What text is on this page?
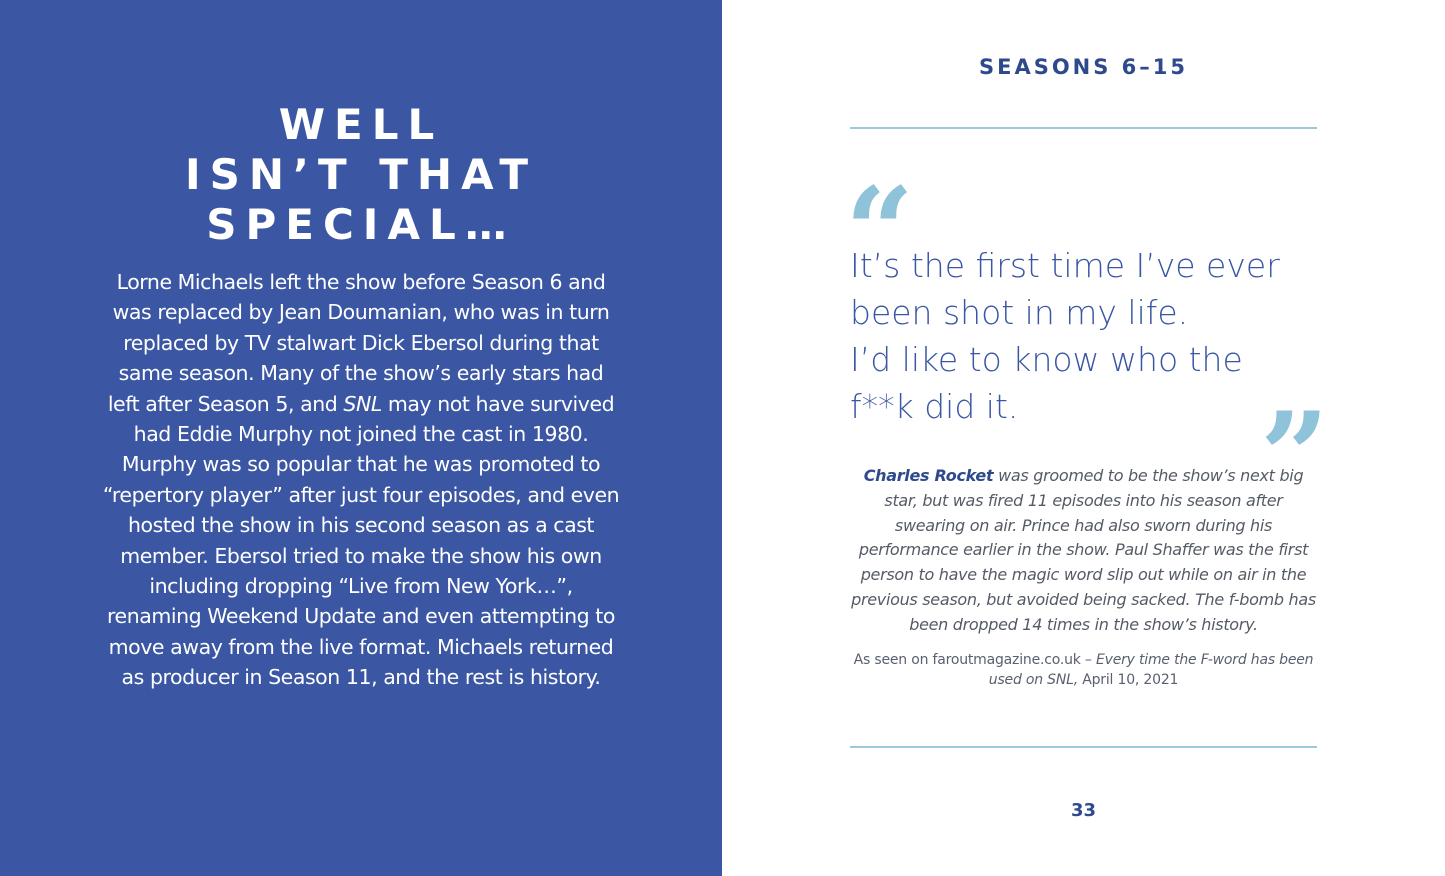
WELL
ISN’T THAT
SPECIAL…
Lorne Michaels left the show before Season 6 and was replaced by Jean Doumanian, who was in turn replaced by TV stalwart Dick Ebersol during that same season. Many of the show’s early stars had left after Season 5, and SNL may not have survived had Eddie Murphy not joined the cast in 1980. Murphy was so popular that he was promoted to “repertory player” after just four episodes, and even hosted the show in his second season as a cast member. Ebersol tried to make the show his own including dropping “Live from New York…”, renaming Weekend Update and even attempting to move away from the live format. Michaels returned as producer in Season 11, and the rest is history.
SEASONS 6–15
“
It’s the first time I’ve ever
been shot in my life.
I’d like to know who the
f**k did it.	”
Charles Rocket was groomed to be the show’s next big star, but was fired 11 episodes into his season after swearing on air. Prince had also sworn during his performance earlier in the show. Paul Shaffer was the first person to have the magic word slip out while on air in the previous season, but avoided being sacked. The f-bomb has been dropped 14 times in the show’s history.
As seen on faroutmagazine.co.uk – Every time the F-word has been used on SNL, April 10, 2021
33
